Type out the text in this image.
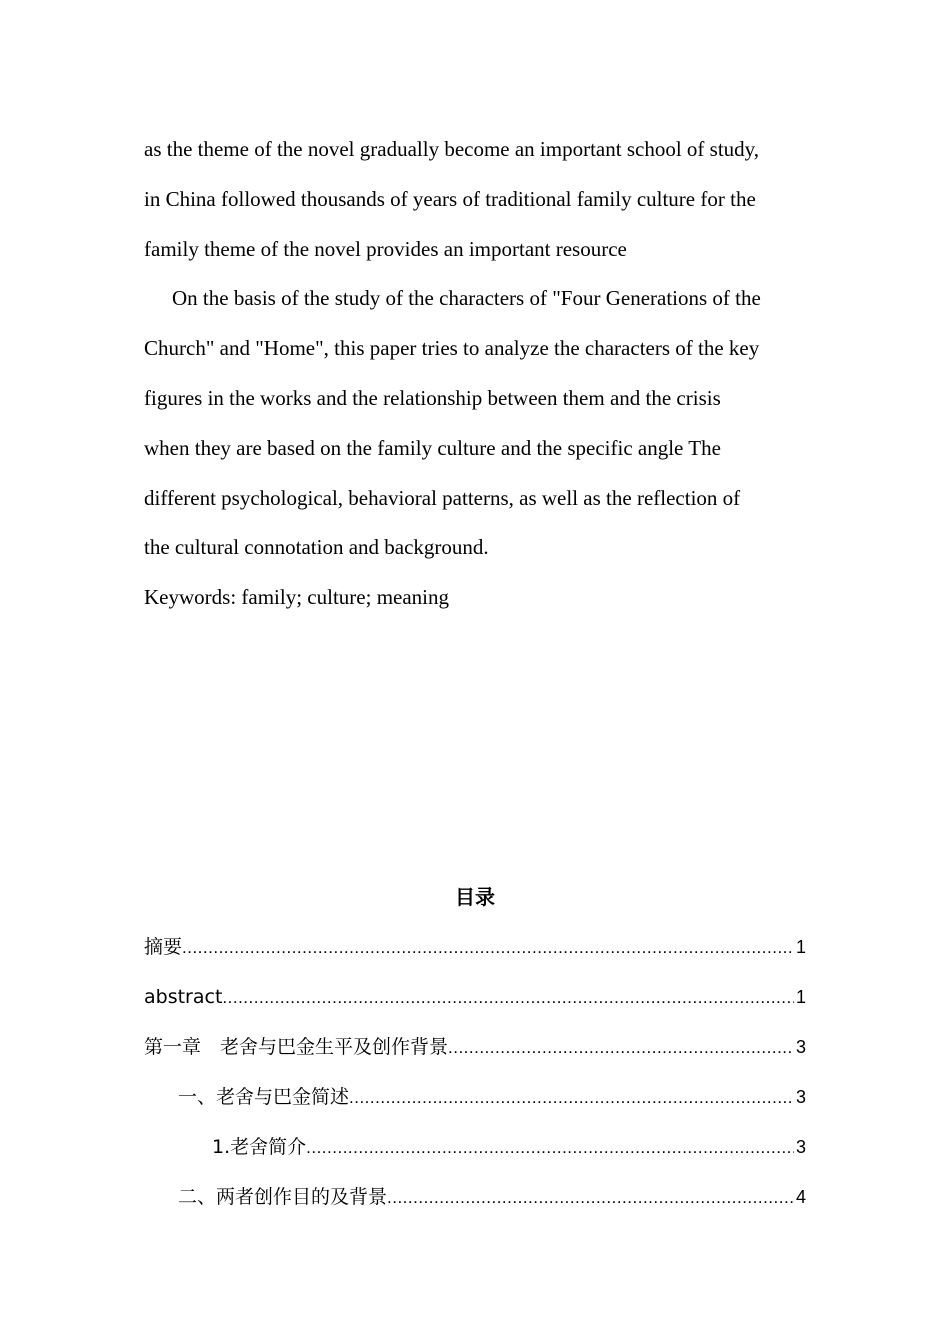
as the theme of the novel gradually become an important school of study,

in China followed thousands of years of traditional family culture for the

family theme of the novel provides an important resource

On the basis of the study of the characters of "Four Generations of the

Church" and "Home", this paper tries to analyze the characters of the key

figures in the works and the relationship between them and the crisis

when they are based on the family culture and the specific angle The

different psychological, behavioral patterns, as well as the reflection of

the cultural connotation and background.

Keywords: family; culture; meaning

目录
摘要 .....	1
abstract .....	1
第一章　老舍与巴金生平及创作背景 .....	3
一、老舍与巴金简述 .....	3
1.老舍简介 .....	3
二、两者创作目的及背景 .....	4
